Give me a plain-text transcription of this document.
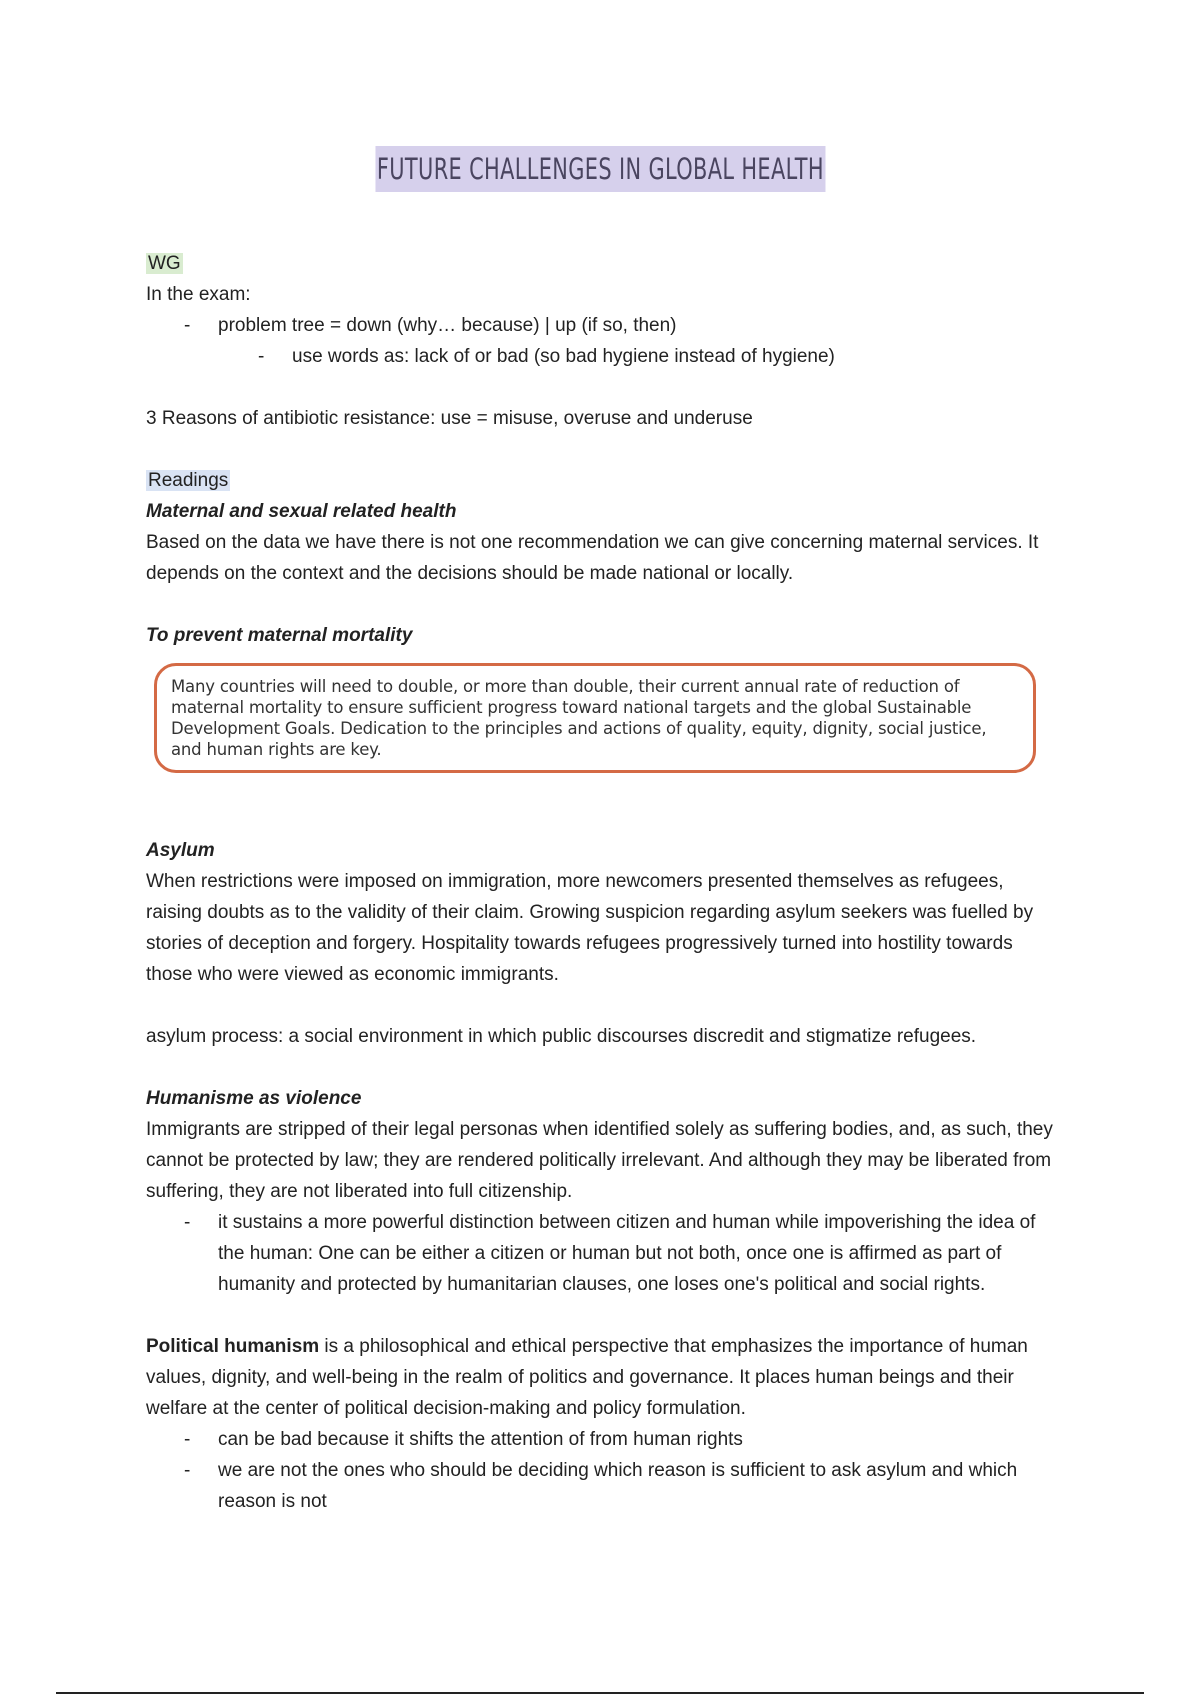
FUTURE CHALLENGES IN GLOBAL HEALTH

WG

In the exam:

- problem tree = down (why… because) | up (if so, then)
- use words as: lack of or bad (so bad hygiene instead of hygiene)

3 Reasons of antibiotic resistance: use = misuse, overuse and underuse

Readings

Maternal and sexual related health

Based on the data we have there is not one recommendation we can give concerning maternal services. It depends on the context and the decisions should be made national or locally.

To prevent maternal mortality

Many countries will need to double, or more than double, their current annual rate of reduction of maternal mortality to ensure sufficient progress toward national targets and the global Sustainable Development Goals. Dedication to the principles and actions of quality, equity, dignity, social justice, and human rights are key.

Asylum

When restrictions were imposed on immigration, more newcomers presented themselves as refugees, raising doubts as to the validity of their claim. Growing suspicion regarding asylum seekers was fuelled by stories of deception and forgery. Hospitality towards refugees progressively turned into hostility towards those who were viewed as economic immigrants.

asylum process: a social environment in which public discourses discredit and stigmatize refugees.

Humanisme as violence

Immigrants are stripped of their legal personas when identified solely as suffering bodies, and, as such, they cannot be protected by law; they are rendered politically irrelevant. And although they may be liberated from suffering, they are not liberated into full citizenship.

- it sustains a more powerful distinction between citizen and human while impoverishing the idea of the human: One can be either a citizen or human but not both, once one is affirmed as part of humanity and protected by humanitarian clauses, one loses one's political and social rights.

Political humanism is a philosophical and ethical perspective that emphasizes the importance of human values, dignity, and well-being in the realm of politics and governance. It places human beings and their welfare at the center of political decision-making and policy formulation.

- can be bad because it shifts the attention of from human rights
- we are not the ones who should be deciding which reason is sufficient to ask asylum and which reason is not
